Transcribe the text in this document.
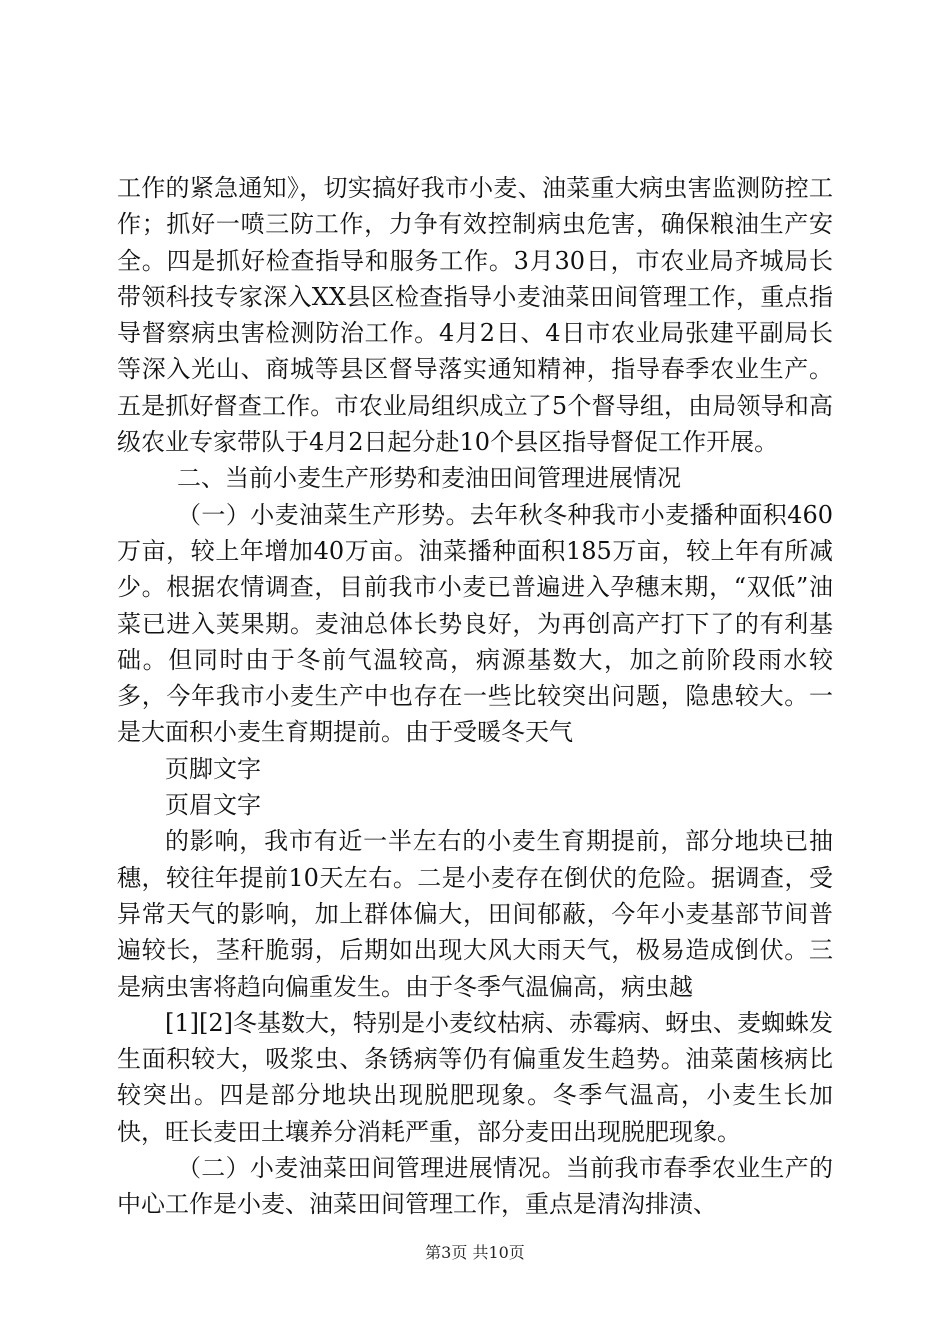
工作的紧急通知》，切实搞好我市小麦、油菜重大病虫害监测防控工作；抓好一喷三防工作，力争有效控制病虫危害，确保粮油生产安全。四是抓好检查指导和服务工作。3月30日，市农业局齐城局长带领科技专家深入XX县区检查指导小麦油菜田间管理工作，重点指导督察病虫害检测防治工作。4月2日、4日市农业局张建平副局长等深入光山、商城等县区督导落实通知精神，指导春季农业生产。五是抓好督查工作。市农业局组织成立了5个督导组，由局领导和高级农业专家带队于4月2日起分赴10个县区指导督促工作开展。

二、当前小麦生产形势和麦油田间管理进展情况

（一）小麦油菜生产形势。去年秋冬种我市小麦播种面积460万亩，较上年增加40万亩。油菜播种面积185万亩，较上年有所减少。根据农情调查，目前我市小麦已普遍进入孕穗末期，“双低”油菜已进入荚果期。麦油总体长势良好，为再创高产打下了的有利基础。但同时由于冬前气温较高，病源基数大，加之前阶段雨水较多，今年我市小麦生产中也存在一些比较突出问题，隐患较大。一是大面积小麦生育期提前。由于受暖冬天气

页脚文字

页眉文字

的影响，我市有近一半左右的小麦生育期提前，部分地块已抽穗，较往年提前10天左右。二是小麦存在倒伏的危险。据调查，受异常天气的影响，加上群体偏大，田间郁蔽，今年小麦基部节间普遍较长，茎秆脆弱，后期如出现大风大雨天气，极易造成倒伏。三是病虫害将趋向偏重发生。由于冬季气温偏高，病虫越

[1][2]冬基数大，特别是小麦纹枯病、赤霉病、蚜虫、麦蜘蛛发生面积较大，吸浆虫、条锈病等仍有偏重发生趋势。油菜菌核病比较突出。四是部分地块出现脱肥现象。冬季气温高，小麦生长加快，旺长麦田土壤养分消耗严重，部分麦田出现脱肥现象。

（二）小麦油菜田间管理进展情况。当前我市春季农业生产的中心工作是小麦、油菜田间管理工作，重点是清沟排渍、

第3页 共10页
